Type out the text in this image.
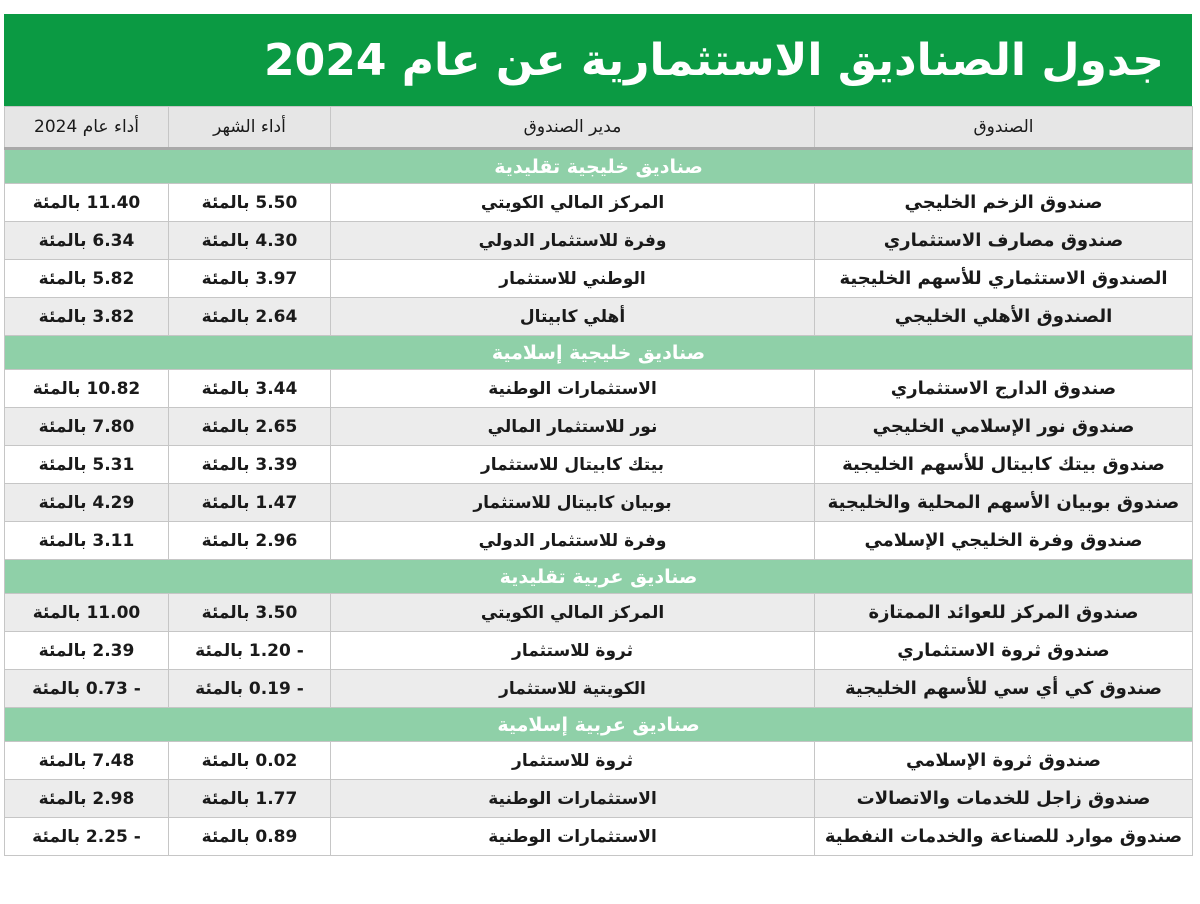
جدول الصناديق الاستثمارية عن عام 2024
الصندوق	مدير الصندوق	أداء الشهر	أداء عام 2024
صناديق خليجية تقليدية			
صندوق الزخم الخليجي	المركز المالي الكويتي	5.50 بالمئة	11.40 بالمئة
صندوق مصارف الاستثماري	وفرة للاستثمار الدولي	4.30 بالمئة	6.34 بالمئة
الصندوق الاستثماري للأسهم الخليجية	الوطني للاستثمار	3.97 بالمئة	5.82 بالمئة
الصندوق الأهلي الخليجي	أهلي كابيتال	2.64 بالمئة	3.82 بالمئة
صناديق خليجية إسلامية			
صندوق الدارج الاستثماري	الاستثمارات الوطنية	3.44 بالمئة	10.82 بالمئة
صندوق نور الإسلامي الخليجي	نور للاستثمار المالي	2.65 بالمئة	7.80 بالمئة
صندوق بيتك كابيتال للأسهم الخليجية	بيتك كابيتال للاستثمار	3.39 بالمئة	5.31 بالمئة
صندوق بوبيان الأسهم المحلية والخليجية	بوبيان كابيتال للاستثمار	1.47 بالمئة	4.29 بالمئة
صندوق وفرة الخليجي الإسلامي	وفرة للاستثمار الدولي	2.96 بالمئة	3.11 بالمئة
صناديق عربية تقليدية			
صندوق المركز للعوائد الممتازة	المركز المالي الكويتي	3.50 بالمئة	11.00 بالمئة
صندوق ثروة الاستثماري	ثروة للاستثمار	- 1.20 بالمئة	2.39 بالمئة
صندوق كي أي سي للأسهم الخليجية	الكويتية للاستثمار	- 0.19 بالمئة	- 0.73 بالمئة
صناديق عربية إسلامية			
صندوق ثروة الإسلامي	ثروة للاستثمار	0.02 بالمئة	7.48 بالمئة
صندوق زاجل للخدمات والاتصالات	الاستثمارات الوطنية	1.77 بالمئة	2.98 بالمئة
صندوق موارد للصناعة والخدمات النفطية	الاستثمارات الوطنية	0.89 بالمئة	- 2.25 بالمئة
